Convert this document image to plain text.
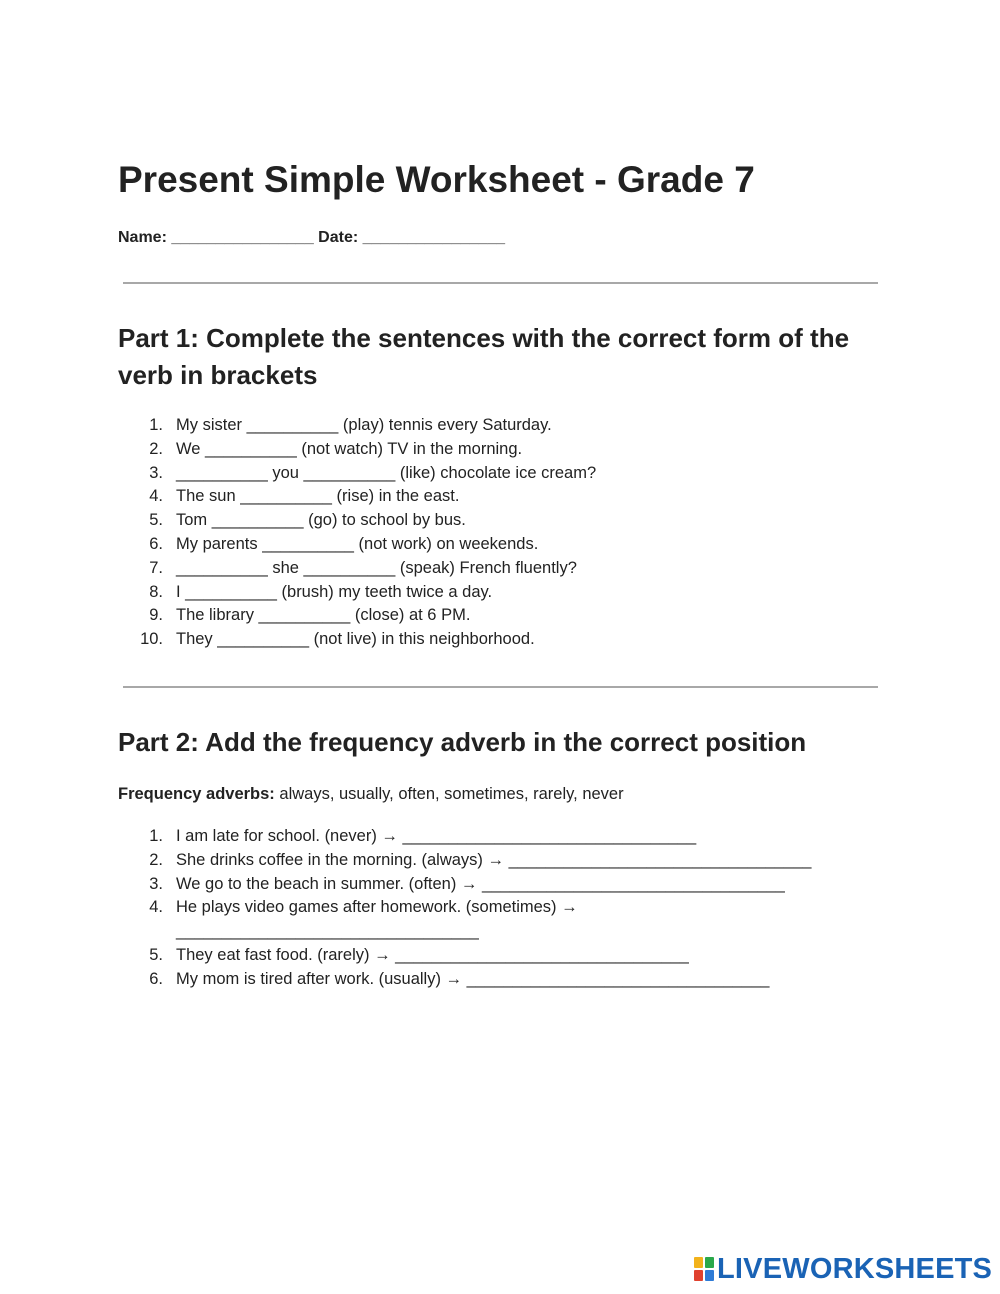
Present Simple Worksheet - Grade 7
Name: ________________ Date: ________________
Part 1: Complete the sentences with the correct form of the verb in brackets
1. My sister __________ (play) tennis every Saturday.
2. We __________ (not watch) TV in the morning.
3. __________ you __________ (like) chocolate ice cream?
4. The sun __________ (rise) in the east.
5. Tom __________ (go) to school by bus.
6. My parents __________ (not work) on weekends.
7. __________ she __________ (speak) French fluently?
8. I __________ (brush) my teeth twice a day.
9. The library __________ (close) at 6 PM.
10. They __________ (not live) in this neighborhood.
Part 2: Add the frequency adverb in the correct position
Frequency adverbs: always, usually, often, sometimes, rarely, never
1. I am late for school. (never) → ________________________________
2. She drinks coffee in the morning. (always) → _________________________________
3. We go to the beach in summer. (often) → _________________________________
4. He plays video games after homework. (sometimes) → _________________________________
5. They eat fast food. (rarely) → ________________________________
6. My mom is tired after work. (usually) → _________________________________
LIVEWORKSHEETS
